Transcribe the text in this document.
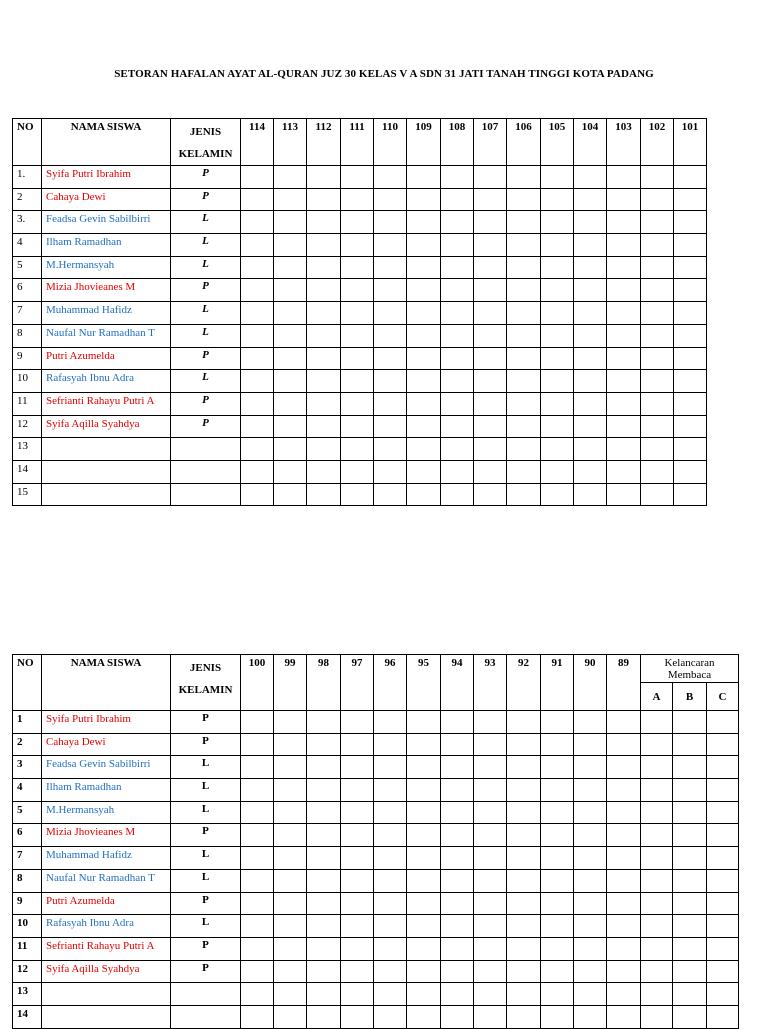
SETORAN HAFALAN AYAT AL-QURAN JUZ 30 KELAS V A SDN 31 JATI TANAH TINGGI KOTA PADANG
NO	NAMA SISWA	JENIS
KELAMIN	114	113	112	111	110	109	108	107	106	105	104	103	102	101
1.	Syifa Putri Ibrahim	P														
2	Cahaya Dewi	P														
3.	Feadsa Gevin Sabilbirri	L														
4	Ilham Ramadhan	L														
5	M.Hermansyah	L														
6	Mizia Jhovieanes M	P														
7	Muhammad Hafidz	L														
8	Naufal Nur Ramadhan T	L														
9	Putri Azumelda	P														
10	Rafasyah Ibnu Adra	L														
11	Sefrianti Rahayu Putri A	P														
12	Syifa Aqilla Syahdya	P														
13																
14																
15																
NO	NAMA SISWA	JENIS
KELAMIN	100	99	98	97	96	95	94	93	92	91	90	89	Kelancaran
Membaca		
															A	B	C
1	Syifa Putri Ibrahim	P															
2	Cahaya Dewi	P															
3	Feadsa Gevin Sabilbirri	L															
4	Ilham Ramadhan	L															
5	M.Hermansyah	L															
6	Mizia Jhovieanes M	P															
7	Muhammad Hafidz	L															
8	Naufal Nur Ramadhan T	L															
9	Putri Azumelda	P															
10	Rafasyah Ibnu Adra	L															
11	Sefrianti Rahayu Putri A	P															
12	Syifa Aqilla Syahdya	P															
13																	
14																	
